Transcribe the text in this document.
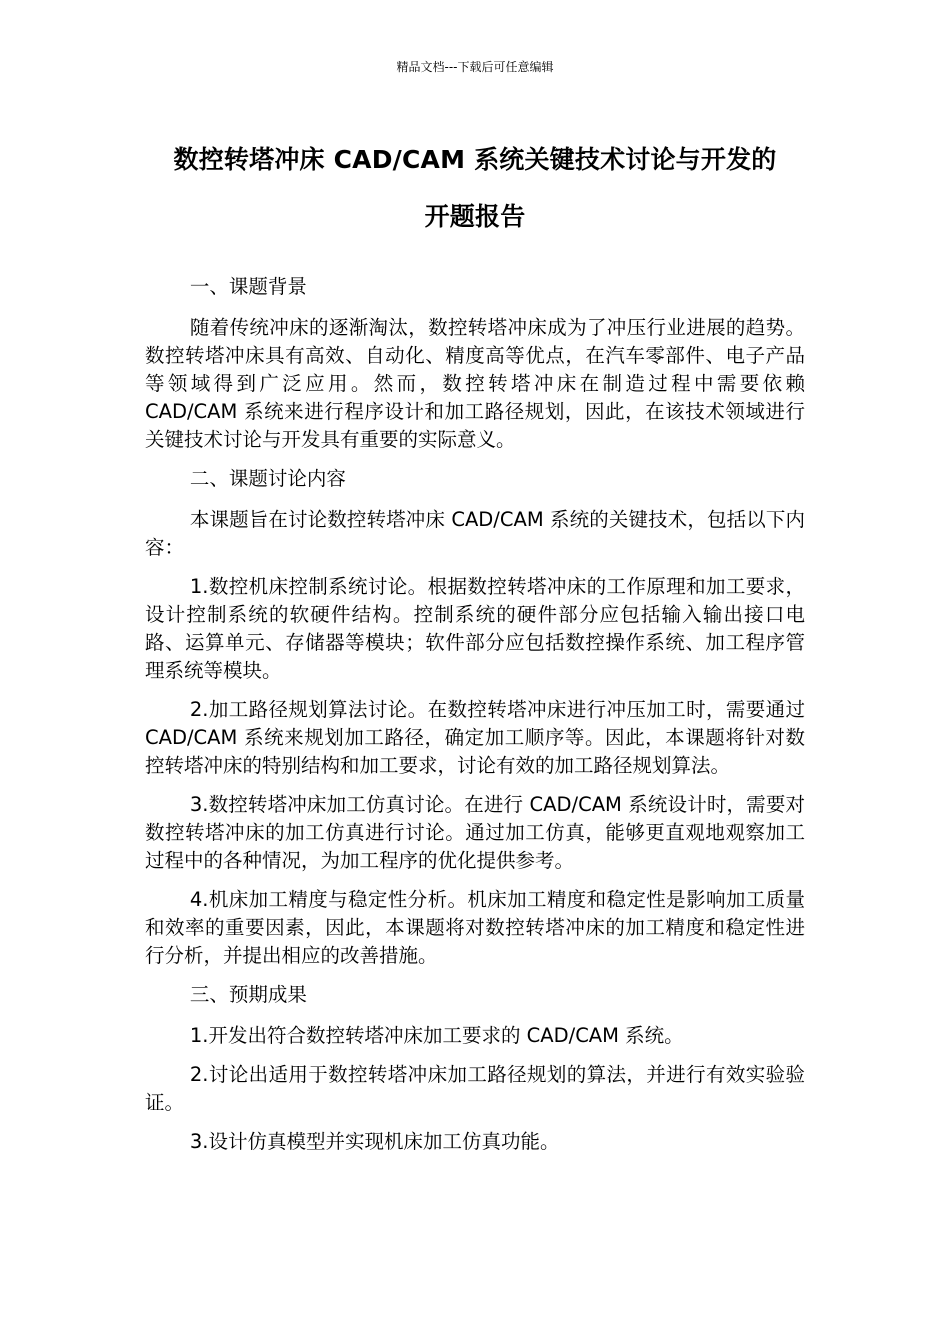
精品文档---下载后可任意编辑
数控转塔冲床 CAD/CAM 系统关键技术讨论与开发的
开题报告

一、课题背景

随着传统冲床的逐渐淘汰，数控转塔冲床成为了冲压行业进展的趋势。数控转塔冲床具有高效、自动化、精度高等优点，在汽车零部件、电子产品等领域得到广泛应用。然而，数控转塔冲床在制造过程中需要依赖 CAD/CAM 系统来进行程序设计和加工路径规划，因此，在该技术领域进行关键技术讨论与开发具有重要的实际意义。

二、课题讨论内容

本课题旨在讨论数控转塔冲床 CAD/CAM 系统的关键技术，包括以下内容：

1.数控机床控制系统讨论。根据数控转塔冲床的工作原理和加工要求，设计控制系统的软硬件结构。控制系统的硬件部分应包括输入输出接口电路、运算单元、存储器等模块；软件部分应包括数控操作系统、加工程序管理系统等模块。

2.加工路径规划算法讨论。在数控转塔冲床进行冲压加工时，需要通过 CAD/CAM 系统来规划加工路径，确定加工顺序等。因此，本课题将针对数控转塔冲床的特别结构和加工要求，讨论有效的加工路径规划算法。

3.数控转塔冲床加工仿真讨论。在进行 CAD/CAM 系统设计时，需要对数控转塔冲床的加工仿真进行讨论。通过加工仿真，能够更直观地观察加工过程中的各种情况，为加工程序的优化提供参考。

4.机床加工精度与稳定性分析。机床加工精度和稳定性是影响加工质量和效率的重要因素，因此，本课题将对数控转塔冲床的加工精度和稳定性进行分析，并提出相应的改善措施。

三、预期成果

1.开发出符合数控转塔冲床加工要求的 CAD/CAM 系统。

2.讨论出适用于数控转塔冲床加工路径规划的算法，并进行有效实验验证。

3.设计仿真模型并实现机床加工仿真功能。
